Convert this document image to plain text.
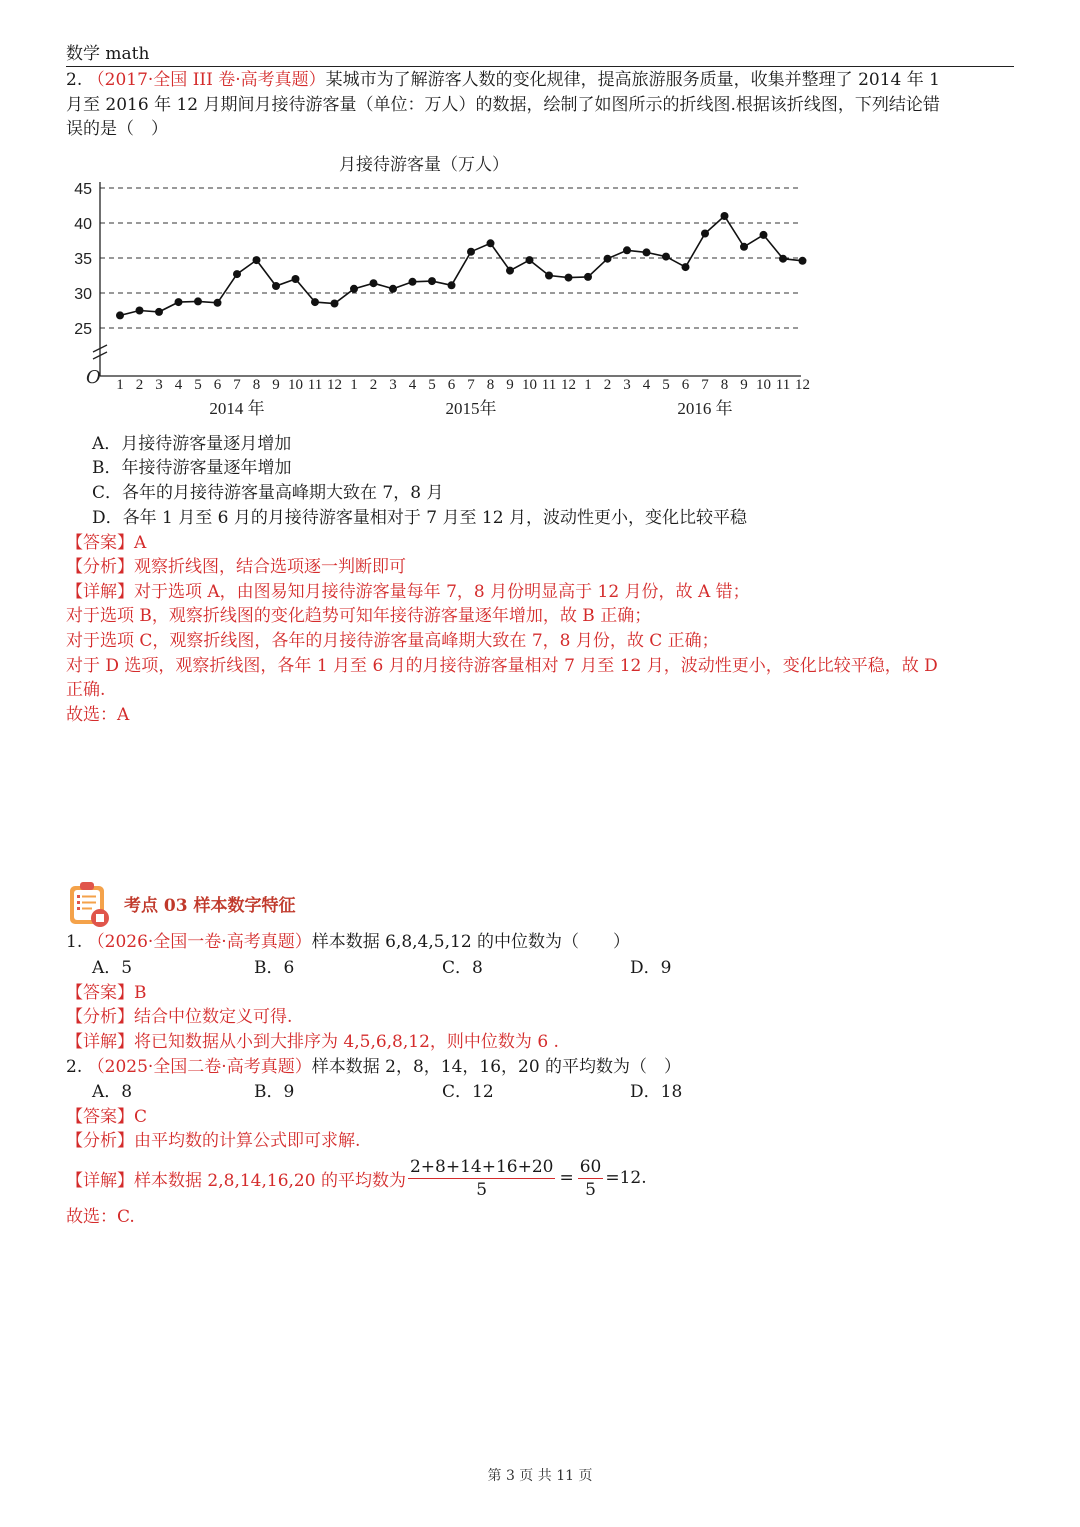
数学 math
2. （2017·全国 III 卷·高考真题）某城市为了解游客人数的变化规律，提高旅游服务质量，收集并整理了 2014 年 1
月至 2016 年 12 月期间月接待游客量（单位：万人）的数据，绘制了如图所示的折线图.根据该折线图，下列结论错
误的是（　）
月接待游客量（万人）
45
40
35
30
25
O 1 2 3 4 5 6 7 8 9 10 11 12 1 2 3 4 5 6 7 8 9 10 11 12 1 2 3 4 5 6 7 8 9 10 11 12
2014 年	2015年	2016 年
A．月接待游客量逐月增加
B．年接待游客量逐年增加
C．各年的月接待游客量高峰期大致在 7，8 月
D．各年 1 月至 6 月的月接待游客量相对于 7 月至 12 月，波动性更小，变化比较平稳
【答案】A
【分析】观察折线图，结合选项逐一判断即可
【详解】对于选项 A，由图易知月接待游客量每年 7，8 月份明显高于 12 月份，故 A 错；
对于选项 B，观察折线图的变化趋势可知年接待游客量逐年增加，故 B 正确；
对于选项 C，观察折线图，各年的月接待游客量高峰期大致在 7，8 月份，故 C 正确；
对于 D 选项，观察折线图，各年 1 月至 6 月的月接待游客量相对 7 月至 12 月，波动性更小，变化比较平稳，故 D
正确.
故选：A
考点 03 样本数字特征
1. （2026·全国一卷·高考真题）样本数据 6,8,4,5,12 的中位数为（　　）
A．5	B．6	C．8	D．9
【答案】B
【分析】结合中位数定义可得.
【详解】将已知数据从小到大排序为 4,5,6,8,12，则中位数为 6 .
2. （2025·全国二卷·高考真题）样本数据 2，8，14，16，20 的平均数为（　）
A．8	B．9	C．12	D．18
【答案】C
【分析】由平均数的计算公式即可求解.
【详解】样本数据 2,8,14,16,20 的平均数为 $\frac{2+8+14+16+20}{5} = \frac{60}{5} =12$.
故选：C.
第 3 页 共 11 页
